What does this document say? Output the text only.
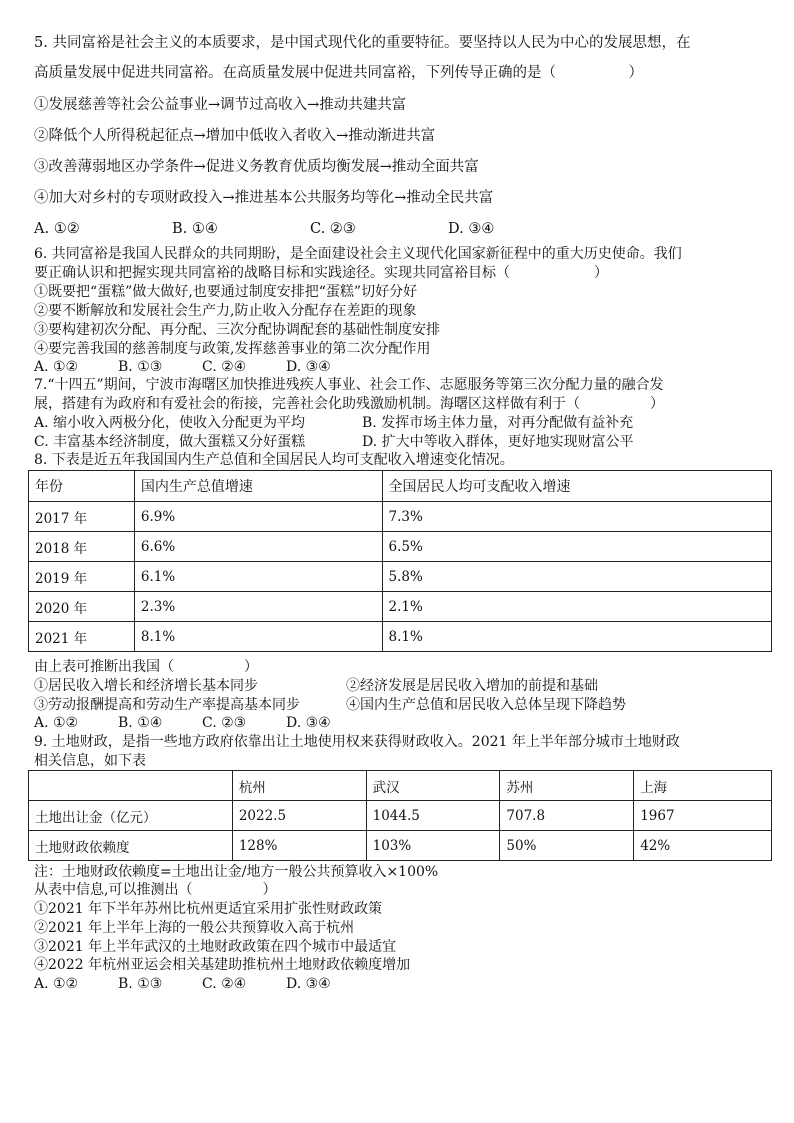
5. 共同富裕是社会主义的本质要求，是中国式现代化的重要特征。要坚持以人民为中心的发展思想，在
高质量发展中促进共同富裕。在高质量发展中促进共同富裕，下列传导正确的是（　　　　　）
①发展慈善等社会公益事业→调节过高收入→推动共建共富
②降低个人所得税起征点→增加中低收入者收入→推动渐进共富
③改善薄弱地区办学条件→促进义务教育优质均衡发展→推动全面共富
④加大对乡村的专项财政投入→推进基本公共服务均等化→推动全民共富
A. ①②	B. ①④	C. ②③	D. ③④
6. 共同富裕是我国人民群众的共同期盼，是全面建设社会主义现代化国家新征程中的重大历史使命。我们
要正确认识和把握实现共同富裕的战略目标和实践途径。实现共同富裕目标（　　　　　　）
①既要把“蛋糕”做大做好,也要通过制度安排把“蛋糕”切好分好
②要不断解放和发展社会生产力,防止收入分配存在差距的现象
③要构建初次分配、再分配、三次分配协调配套的基础性制度安排
④要完善我国的慈善制度与政策,发挥慈善事业的第二次分配作用
A. ①②	B. ①③	C. ②④	D. ③④
7.“十四五”期间，宁波市海曙区加快推进残疾人事业、社会工作、志愿服务等第三次分配力量的融合发
展，搭建有为政府和有爱社会的衔接，完善社会化助残激励机制。海曙区这样做有利于（　　　　　）
A. 缩小收入两极分化，使收入分配更为平均	B. 发挥市场主体力量，对再分配做有益补充
C. 丰富基本经济制度，做大蛋糕又分好蛋糕	D. 扩大中等收入群体，更好地实现财富公平
8. 下表是近五年我国国内生产总值和全国居民人均可支配收入增速变化情况。
年份	国内生产总值增速	全国居民人均可支配收入增速
2017 年	6.9%	7.3%
2018 年	6.6%	6.5%
2019 年	6.1%	5.8%
2020 年	2.3%	2.1%
2021 年	8.1%	8.1%
由上表可推断出我国（　　　　　）
①居民收入增长和经济增长基本同步	②经济发展是居民收入增加的前提和基础
③劳动报酬提高和劳动生产率提高基本同步	④国内生产总值和居民收入总体呈现下降趋势
A. ①②	B. ①④	C. ②③	D. ③④
9. 土地财政，是指一些地方政府依靠出让土地使用权来获得财政收入。2021 年上半年部分城市土地财政
相关信息，如下表
	杭州	武汉	苏州	上海
土地出让金（亿元）	2022.5	1044.5	707.8	1967
土地财政依赖度	128%	103%	50%	42%
注：土地财政依赖度=土地出让金/地方一般公共预算收入×100%
从表中信息,可以推测出（　　　　　）
①2021 年下半年苏州比杭州更适宜采用扩张性财政政策
②2021 年上半年上海的一般公共预算收入高于杭州
③2021 年上半年武汉的土地财政政策在四个城市中最适宜
④2022 年杭州亚运会相关基建助推杭州土地财政依赖度增加
A. ①②	B. ①③	C. ②④	D. ③④
